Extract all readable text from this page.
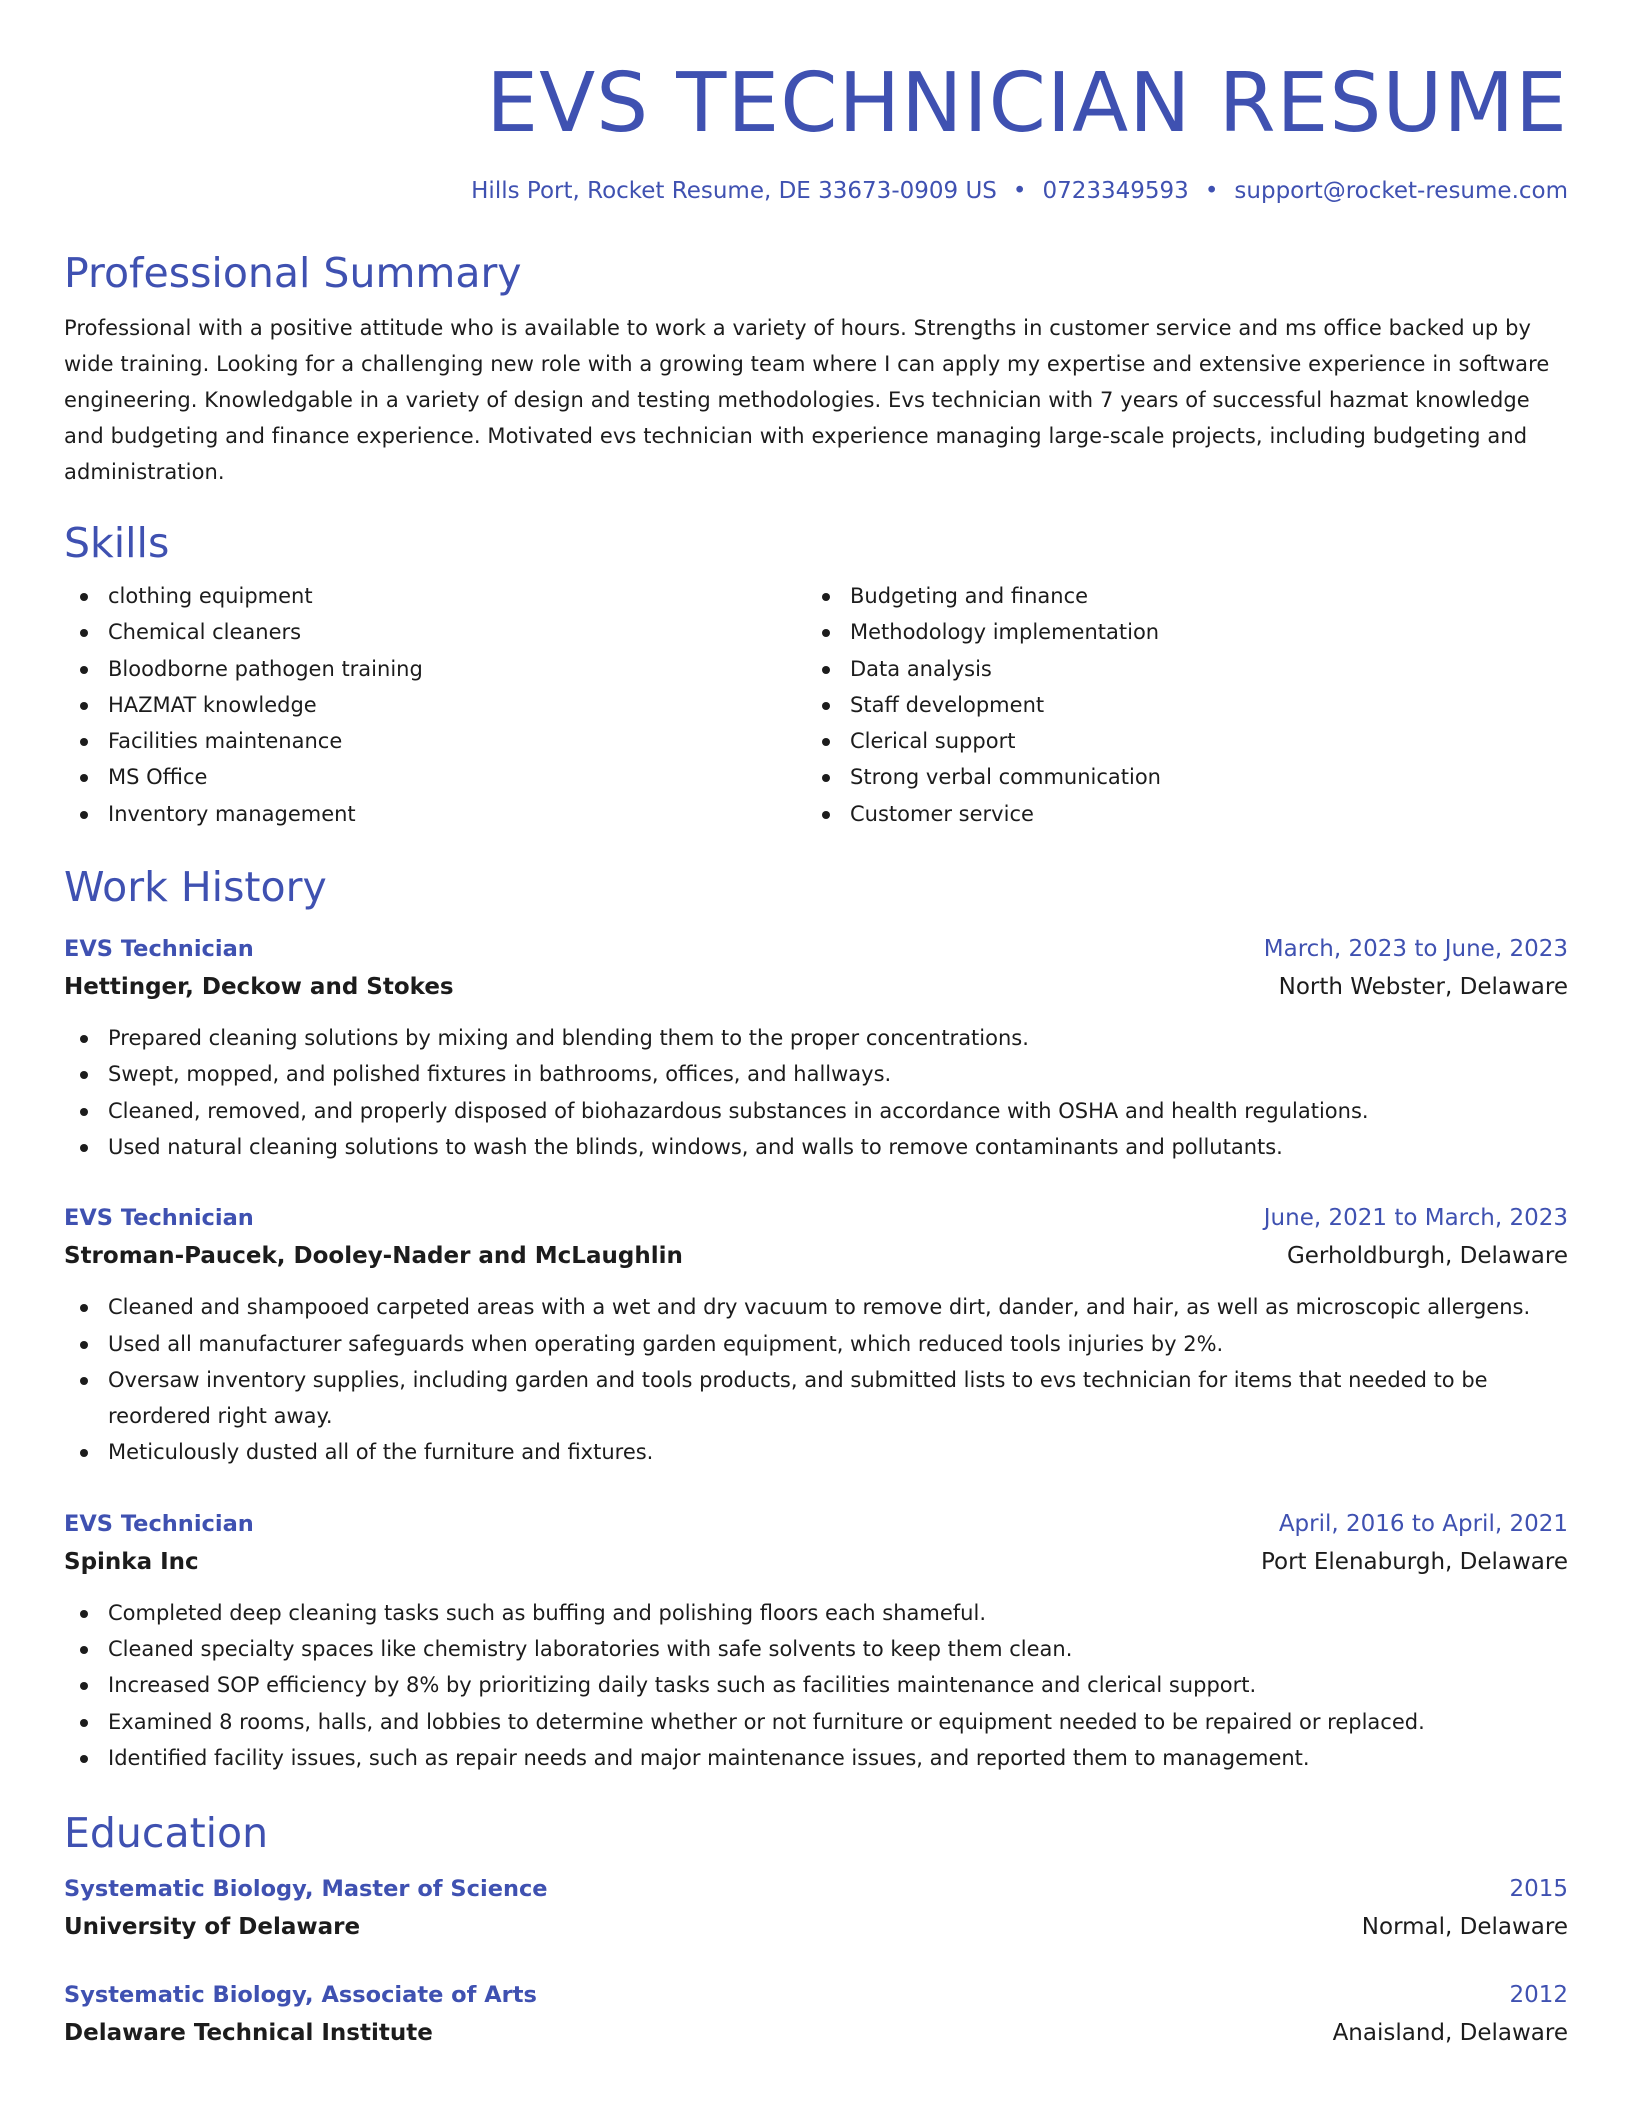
EVS TECHNICIAN RESUME
Hills Port, Rocket Resume, DE 33673-0909 US • 0723349593 • support@rocket-resume.com
Professional Summary

Professional with a positive attitude who is available to work a variety of hours. Strengths in customer service and ms office backed up by wide training. Looking for a challenging new role with a growing team where I can apply my expertise and extensive experience in software engineering. Knowledgable in a variety of design and testing methodologies. Evs technician with 7 years of successful hazmat knowledge and budgeting and finance experience. Motivated evs technician with experience managing large-scale projects, including budgeting and administration.

Skills
clothing equipment
Chemical cleaners
Bloodborne pathogen training
HAZMAT knowledge
Facilities maintenance
MS Office
Inventory management
Budgeting and finance
Methodology implementation
Data analysis
Staff development
Clerical support
Strong verbal communication
Customer service
Work History
EVS Technician	March, 2023 to June, 2023
Hettinger, Deckow and Stokes	North Webster, Delaware
Prepared cleaning solutions by mixing and blending them to the proper concentrations.
Swept, mopped, and polished fixtures in bathrooms, offices, and hallways.
Cleaned, removed, and properly disposed of biohazardous substances in accordance with OSHA and health regulations.
Used natural cleaning solutions to wash the blinds, windows, and walls to remove contaminants and pollutants.
EVS Technician	June, 2021 to March, 2023
Stroman-Paucek, Dooley-Nader and McLaughlin	Gerholdburgh, Delaware
Cleaned and shampooed carpeted areas with a wet and dry vacuum to remove dirt, dander, and hair, as well as microscopic allergens.
Used all manufacturer safeguards when operating garden equipment, which reduced tools injuries by 2%.
Oversaw inventory supplies, including garden and tools products, and submitted lists to evs technician for items that needed to be reordered right away.
Meticulously dusted all of the furniture and fixtures.
EVS Technician	April, 2016 to April, 2021
Spinka Inc	Port Elenaburgh, Delaware
Completed deep cleaning tasks such as buffing and polishing floors each shameful.
Cleaned specialty spaces like chemistry laboratories with safe solvents to keep them clean.
Increased SOP efficiency by 8% by prioritizing daily tasks such as facilities maintenance and clerical support.
Examined 8 rooms, halls, and lobbies to determine whether or not furniture or equipment needed to be repaired or replaced.
Identified facility issues, such as repair needs and major maintenance issues, and reported them to management.
Education
Systematic Biology, Master of Science	2015
University of Delaware	Normal, Delaware
Systematic Biology, Associate of Arts	2012
Delaware Technical Institute	Anaisland, Delaware
